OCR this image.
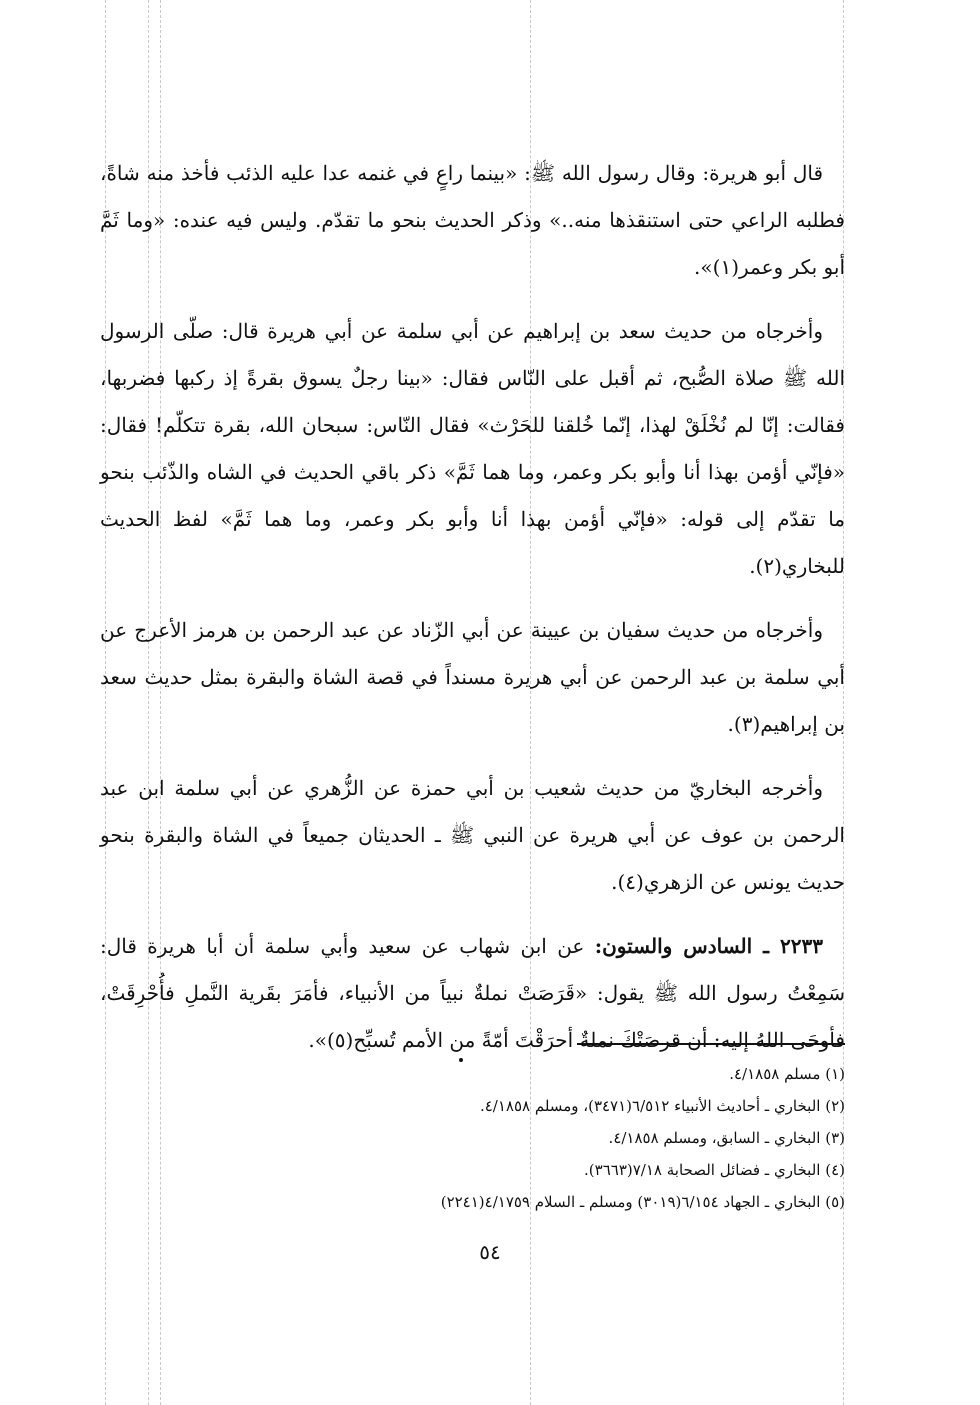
قال أبو هريرة: وقال رسول الله ﷺ: «بينما راعٍ في غنمه عدا عليه الذئب فأخذ منه شاةً، فطلبه الراعي حتى استنقذها منه..» وذكر الحديث بنحو ما تقدّم. وليس فيه عنده: «وما ثَمَّ أبو بكر وعمر(١)».

وأخرجاه من حديث سعد بن إبراهيم عن أبي سلمة عن أبي هريرة قال: صلّى الرسول الله ﷺ صلاة الصُّبح، ثم أقبل على النّاس فقال: «بينا رجلٌ يسوق بقرةً إذ ركبها فضربها، فقالت: إنّا لم نُخْلَقْ لهذا، إنّما خُلقنا للحَرْث» فقال النّاس: سبحان الله، بقرة تتكلّم! فقال: «فإنّي أؤمن بهذا أنا وأبو بكر وعمر، وما هما ثَمَّ» ذكر باقي الحديث في الشاه والذّئب بنحو ما تقدّم إلى قوله: «فإنّي أؤمن بهذا أنا وأبو بكر وعمر، وما هما ثَمَّ» لفظ الحديث للبخاري(٢).

وأخرجاه من حديث سفيان بن عيينة عن أبي الزّناد عن عبد الرحمن بن هرمز الأعرج عن أبي سلمة بن عبد الرحمن عن أبي هريرة مسنداً في قصة الشاة والبقرة بمثل حديث سعد بن إبراهيم(٣).

وأخرجه البخاريّ من حديث شعيب بن أبي حمزة عن الزُّهري عن أبي سلمة ابن عبد الرحمن بن عوف عن أبي هريرة عن النبي ﷺ ـ الحديثان جميعاً في الشاة والبقرة بنحو حديث يونس عن الزهري(٤).

٢٢٣٣ ـ السادس والستون: عن ابن شهاب عن سعيد وأبي سلمة أن أبا هريرة قال: سَمِعْتُ رسول الله ﷺ يقول: «قَرَصَتْ نملةٌ نبياً من الأنبياء، فأمَرَ بقَرية النَّملِ فأُحْرِقَتْ، فأوحَى اللهُ إليه: أن قرصَتْكَ نملةٌ أحرَقْتَ أمّةً من الأمم تُسبِّح(٥)».

(١) مسلم ٤/١٨٥٨.

(٢) البخاري ـ أحاديث الأنبياء ٦/٥١٢(٣٤٧١)، ومسلم ٤/١٨٥٨.

(٣) البخاري ـ السابق، ومسلم ٤/١٨٥٨.

(٤) البخاري ـ فضائل الصحابة ٧/١٨(٣٦٦٣).

(٥) البخاري ـ الجهاد ٦/١٥٤(٣٠١٩) ومسلم ـ السلام ٤/١٧٥٩(٢٢٤١)

٥٤
